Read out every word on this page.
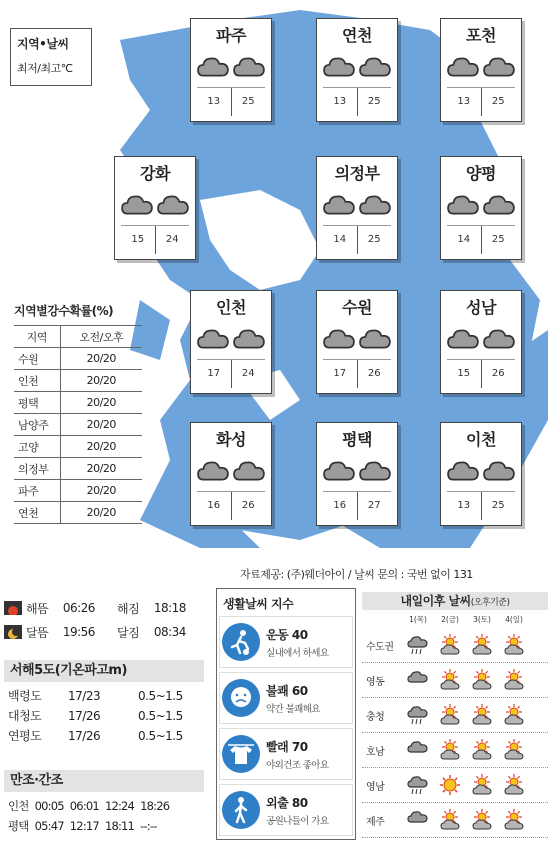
지역•날씨
최저/최고℃
파주
13	25
연천
13	25
포천
13	25
강화
15	24
의정부
14	25
양평
14	25
인천
17	24
수원
17	26
성남
15	26
화성
16	26
평택
16	27
이천
13	25
지역별강수확률(%)
지역	오전/오후
수원	20/20
인천	20/20
평택	20/20
남양주	20/20
고양	20/20
의정부	20/20
파주	20/20
연천	20/20
자료제공: (주)웨더아이 / 날씨 문의 : 국번 없이 131
해뜸	06:26	해짐	18:18
달뜸	19:56	달짐	08:34
서해5도(기온파고m)
백령도	17/23	0.5~1.5
대청도	17/26	0.5~1.5
연평도	17/26	0.5~1.5
만조·간조
인천 00:05 06:01 12:24 18:26
평택 05:47 12:17 18:11 --:--
생활날씨 지수
운동 40
실내에서 하세요
불쾌 60
약간 불쾌해요
빨래 70
야외건조 좋아요
외출 80
공원나들이 가요
내일이후 날씨(오후기준)
1(목)	2(금)	3(토)	4(일)
수도권
영동
충청
호남
영남
제주
